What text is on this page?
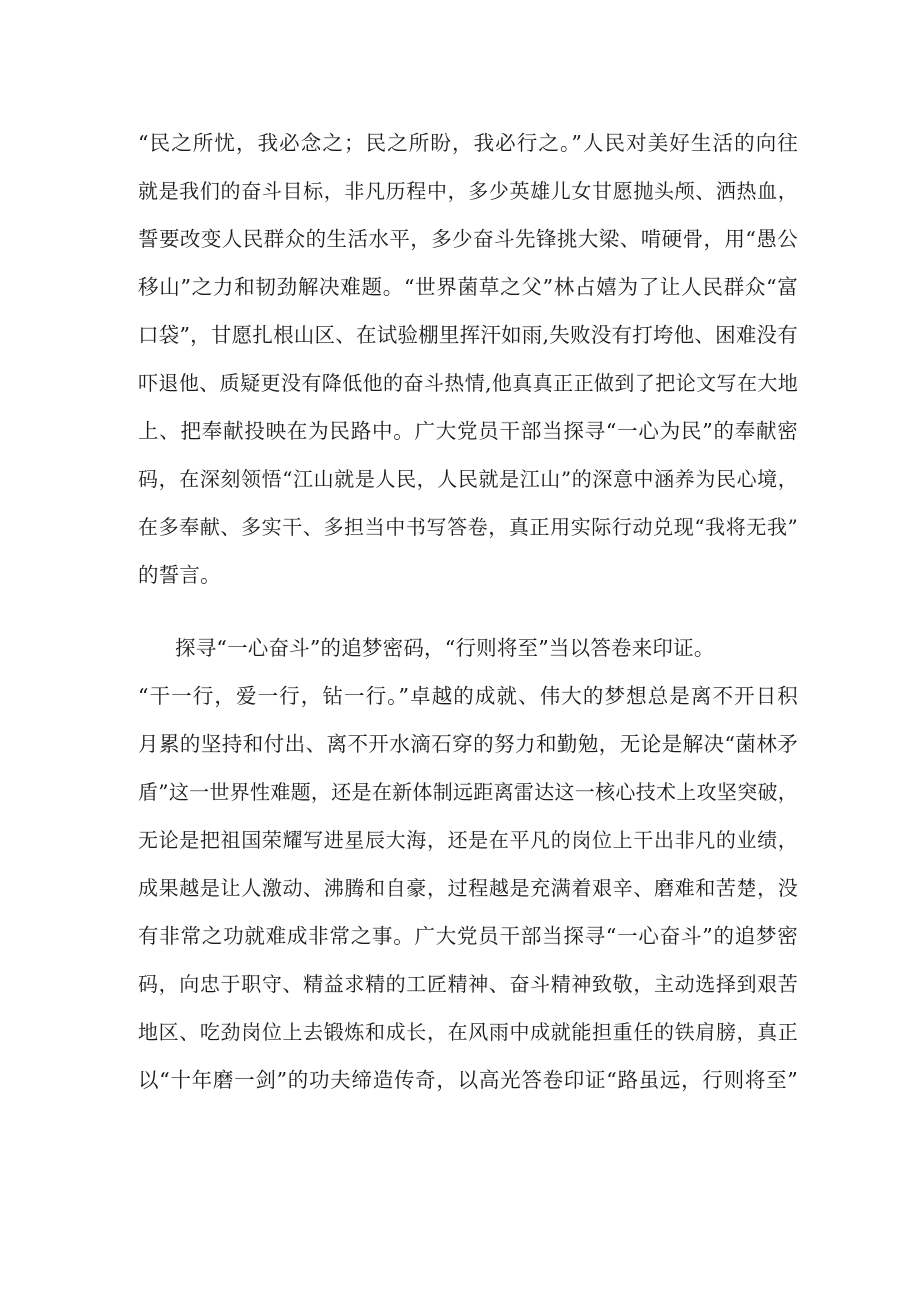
“民之所忧，我必念之；民之所盼，我必行之。”人民对美好生活的向往
就是我们的奋斗目标，非凡历程中，多少英雄儿女甘愿抛头颅、洒热血，
誓要改变人民群众的生活水平，多少奋斗先锋挑大梁、啃硬骨，用“愚公
移山”之力和韧劲解决难题。“世界菌草之父”林占嬉为了让人民群众“富
口袋”，甘愿扎根山区、在试验棚里挥汗如雨,失败没有打垮他、困难没有
吓退他、质疑更没有降低他的奋斗热情,他真真正正做到了把论文写在大地
上、把奉献投映在为民路中。广大党员干部当探寻“一心为民”的奉献密
码，在深刻领悟“江山就是人民，人民就是江山”的深意中涵养为民心境，
在多奉献、多实干、多担当中书写答卷，真正用实际行动兑现“我将无我”
的誓言。
探寻“一心奋斗”的追梦密码，“行则将至”当以答卷来印证。
“干一行，爱一行，钻一行。”卓越的成就、伟大的梦想总是离不开日积
月累的坚持和付出、离不开水滴石穿的努力和勤勉，无论是解决“菌林矛
盾”这一世界性难题，还是在新体制远距离雷达这一核心技术上攻坚突破，
无论是把祖国荣耀写进星辰大海，还是在平凡的岗位上干出非凡的业绩，
成果越是让人激动、沸腾和自豪，过程越是充满着艰辛、磨难和苦楚，没
有非常之功就难成非常之事。广大党员干部当探寻“一心奋斗”的追梦密
码，向忠于职守、精益求精的工匠精神、奋斗精神致敬，主动选择到艰苦
地区、吃劲岗位上去锻炼和成长，在风雨中成就能担重任的铁肩膀，真正
以“十年磨一剑”的功夫缔造传奇，以高光答卷印证“路虽远，行则将至”
